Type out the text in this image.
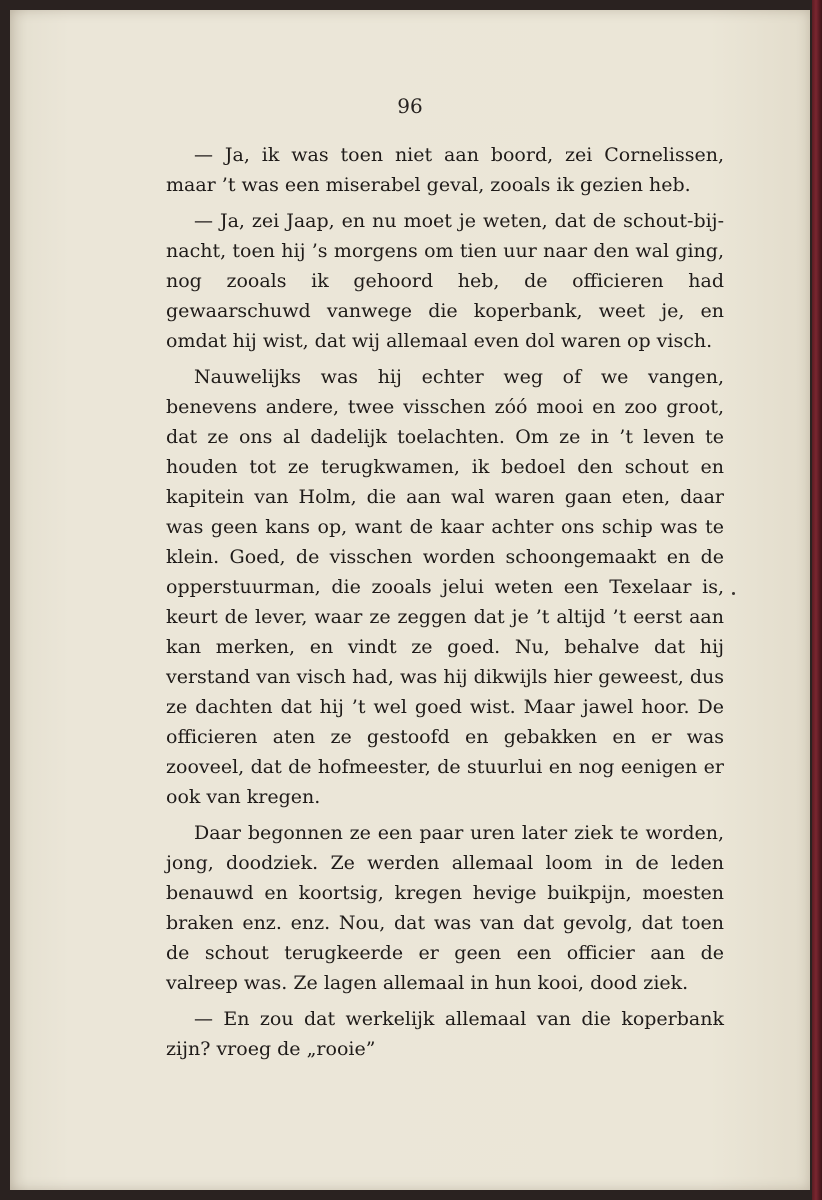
96

— Ja, ik was toen niet aan boord, zei Cornelissen, maar ’t was een miserabel geval, zooals ik gezien heb.

— Ja, zei Jaap, en nu moet je weten, dat de schout-bij-nacht, toen hij ’s morgens om tien uur naar den wal ging, nog zooals ik gehoord heb, de officieren had gewaarschuwd vanwege die koperbank, weet je, en omdat hij wist, dat wij allemaal even dol waren op visch.

Nauwelijks was hij echter weg of we vangen, benevens andere, twee visschen zóó mooi en zoo groot, dat ze ons al dadelijk toelachten. Om ze in ’t leven te houden tot ze terugkwamen, ik bedoel den schout en kapitein van Holm, die aan wal waren gaan eten, daar was geen kans op, want de kaar achter ons schip was te klein. Goed, de visschen worden schoongemaakt en de opperstuurman, die zooals jelui weten een Texelaar is, keurt de lever, waar ze zeggen dat je ’t altijd ’t eerst aan kan merken, en vindt ze goed. Nu, behalve dat hij verstand van visch had, was hij dikwijls hier geweest, dus ze dachten dat hij ’t wel goed wist. Maar jawel hoor. De officieren aten ze gestoofd en gebakken en er was zooveel, dat de hofmeester, de stuurlui en nog eenigen er ook van kregen.

Daar begonnen ze een paar uren later ziek te worden, jong, doodziek. Ze werden allemaal loom in de leden benauwd en koortsig, kregen hevige buikpijn, moesten braken enz. enz. Nou, dat was van dat gevolg, dat toen de schout terugkeerde er geen een officier aan de valreep was. Ze lagen allemaal in hun kooi, dood ziek.

— En zou dat werkelijk allemaal van die koperbank zijn? vroeg de „rooie”
